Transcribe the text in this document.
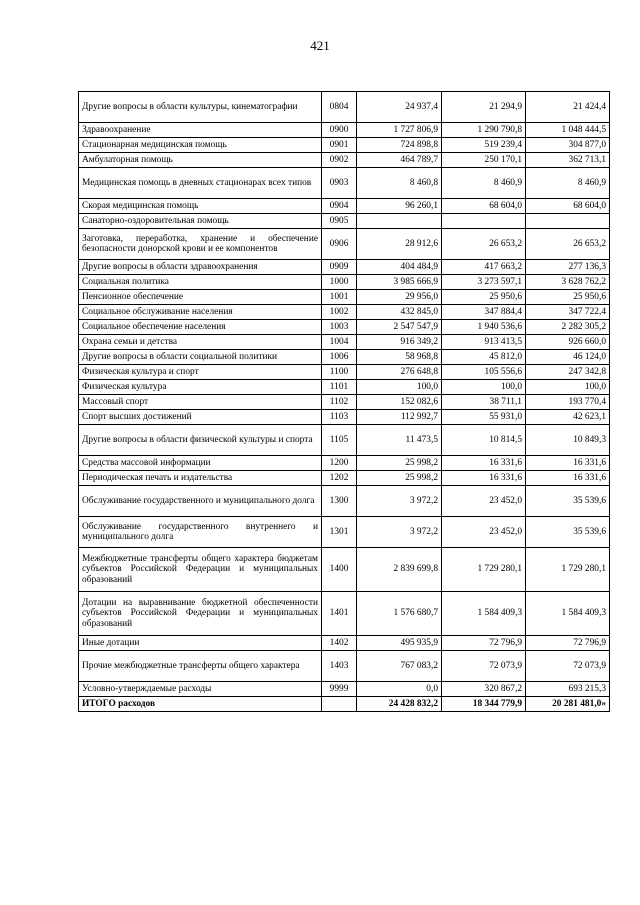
421
Другие вопросы в области культуры, кинематографии	0804	24 937,4	21 294,9	21 424,4
Здравоохранение	0900	1 727 806,9	1 290 790,8	1 048 444,5
Стационарная медицинская помощь	0901	724 898,8	519 239,4	304 877,0
Амбулаторная помощь	0902	464 789,7	250 170,1	362 713,1
Медицинская помощь в дневных стационарах всех типов	0903	8 460,8	8 460,9	8 460,9
Скорая медицинская помощь	0904	96 260,1	68 604,0	68 604,0
Санаторно-оздоровительная помощь	0905			
Заготовка, переработка, хранение и обеспечение безопасности донорской крови и ее компонентов	0906	28 912,6	26 653,2	26 653,2
Другие вопросы в области здравоохранения	0909	404 484,9	417 663,2	277 136,3
Социальная политика	1000	3 985 666,9	3 273 597,1	3 628 762,2
Пенсионное обеспечение	1001	29 956,0	25 950,6	25 950,6
Социальное обслуживание населения	1002	432 845,0	347 884,4	347 722,4
Социальное обеспечение населения	1003	2 547 547,9	1 940 536,6	2 282 305,2
Охрана семьи и детства	1004	916 349,2	913 413,5	926 660,0
Другие вопросы в области социальной политики	1006	58 968,8	45 812,0	46 124,0
Физическая культура и спорт	1100	276 648,8	105 556,6	247 342,8
Физическая культура	1101	100,0	100,0	100,0
Массовый спорт	1102	152 082,6	38 711,1	193 770,4
Спорт высших достижений	1103	112 992,7	55 931,0	42 623,1
Другие вопросы в области физической культуры и спорта	1105	11 473,5	10 814,5	10 849,3
Средства массовой информации	1200	25 998,2	16 331,6	16 331,6
Периодическая печать и издательства	1202	25 998,2	16 331,6	16 331,6
Обслуживание государственного и муниципального долга	1300	3 972,2	23 452,0	35 539,6
Обслуживание государственного внутреннего и муниципального долга	1301	3 972,2	23 452,0	35 539,6
Межбюджетные трансферты общего характера бюджетам субъектов Российской Федерации и муниципальных образований	1400	2 839 699,8	1 729 280,1	1 729 280,1
Дотации на выравнивание бюджетной обеспеченности субъектов Российской Федерации и муниципальных образований	1401	1 576 680,7	1 584 409,3	1 584 409,3
Иные дотации	1402	495 935,9	72 796,9	72 796,9
Прочие межбюджетные трансферты общего характера	1403	767 083,2	72 073,9	72 073,9
Условно-утверждаемые расходы	9999	0,0	320 867,2	693 215,3
ИТОГО расходов		24 428 832,2	18 344 779,9	20 281 481,0»
